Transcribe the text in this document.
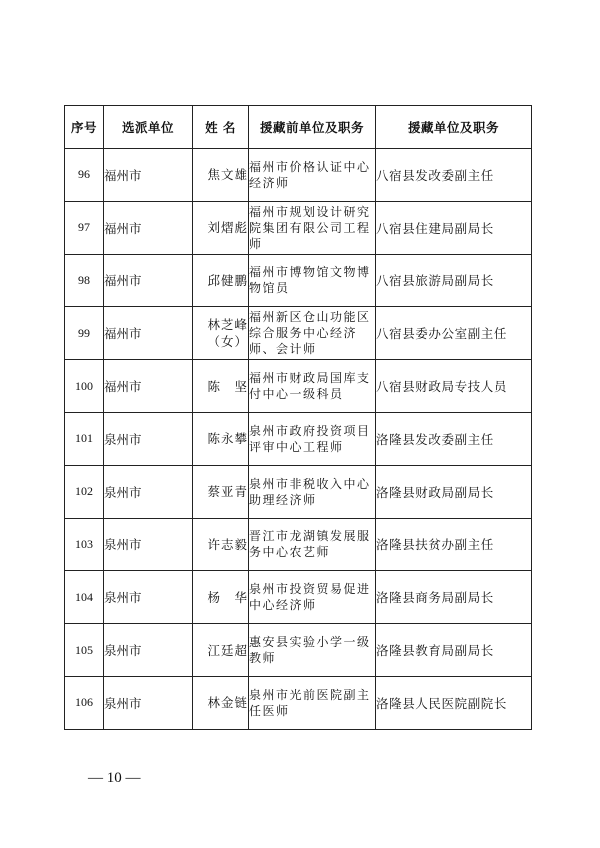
序号	选派单位	姓 名	援藏前单位及职务	援藏单位及职务
96	福州市	焦文雄	福州市价格认证中心经济师	八宿县发改委副主任
97	福州市	刘熠彪	福州市规划设计研究院集团有限公司工程师	八宿县住建局副局长
98	福州市	邱健鹏	福州市博物馆文物博物馆员	八宿县旅游局副局长
99	福州市	林芝峰（女）	福州新区仓山功能区综合服务中心经济师、会计师	八宿县委办公室副主任
100	福州市	陈　坚	福州市财政局国库支付中心一级科员	八宿县财政局专技人员
101	泉州市	陈永攀	泉州市政府投资项目评审中心工程师	洛隆县发改委副主任
102	泉州市	蔡亚青	泉州市非税收入中心助理经济师	洛隆县财政局副局长
103	泉州市	许志毅	晋江市龙湖镇发展服务中心农艺师	洛隆县扶贫办副主任
104	泉州市	杨　华	泉州市投资贸易促进中心经济师	洛隆县商务局副局长
105	泉州市	江廷超	惠安县实验小学一级教师	洛隆县教育局副局长
106	泉州市	林金链	泉州市光前医院副主任医师	洛隆县人民医院副院长
— 10 —
